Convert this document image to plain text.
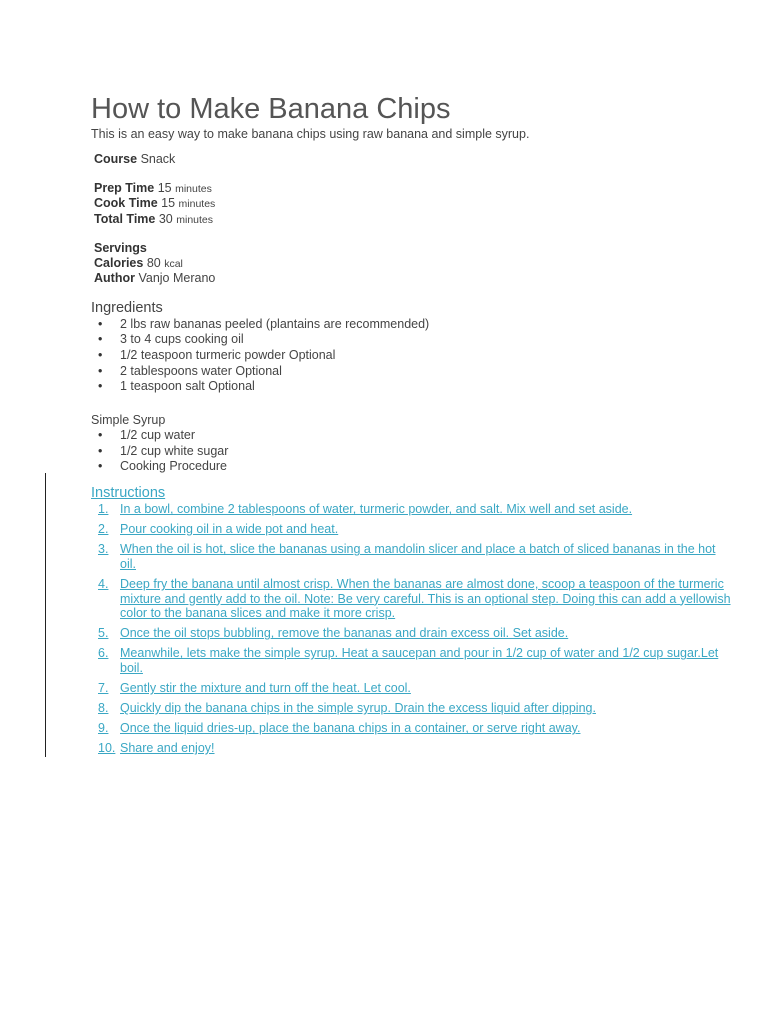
How to Make Banana Chips
This is an easy way to make banana chips using raw banana and simple syrup.
Course Snack
Prep Time 15 minutes
Cook Time 15 minutes
Total Time 30 minutes
Servings
Calories 80 kcal
Author Vanjo Merano
Ingredients
• 2 lbs raw bananas peeled (plantains are recommended)
• 3 to 4 cups cooking oil
• 1/2 teaspoon turmeric powder Optional
• 2 tablespoons water Optional
• 1 teaspoon salt Optional
Simple Syrup
• 1/2 cup water
• 1/2 cup white sugar
• Cooking Procedure
Instructions
1. In a bowl, combine 2 tablespoons of water, turmeric powder, and salt. Mix well and set aside.
2. Pour cooking oil in a wide pot and heat.
3. When the oil is hot, slice the bananas using a mandolin slicer and place a batch of sliced bananas in the hot oil.
4. Deep fry the banana until almost crisp. When the bananas are almost done, scoop a teaspoon of the turmeric mixture and gently add to the oil. Note: Be very careful. This is an optional step. Doing this can add a yellowish color to the banana slices and make it more crisp.
5. Once the oil stops bubbling, remove the bananas and drain excess oil. Set aside.
6. Meanwhile, lets make the simple syrup. Heat a saucepan and pour in 1/2 cup of water and 1/2 cup sugar.Let boil.
7. Gently stir the mixture and turn off the heat. Let cool.
8. Quickly dip the banana chips in the simple syrup. Drain the excess liquid after dipping.
9. Once the liquid dries-up, place the banana chips in a container, or serve right away.
10. Share and enjoy!
